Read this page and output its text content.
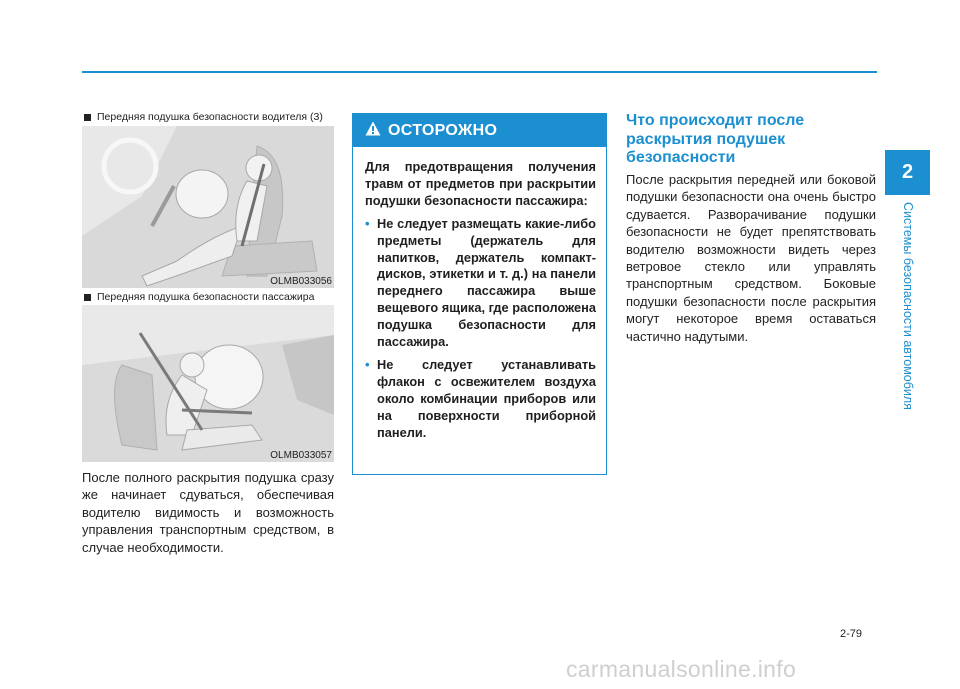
Передняя подушка безопасности водителя (3)
OLMB033056
Передняя подушка безопасности пассажира
OLMB033057
После полного раскрытия подушка сразу же начинает сдуваться, обеспечивая водителю видимость и возможность управления транспортным средством, в случае необходимости.
ОСТОРОЖНО
Для предотвращения получения травм от предметов при раскрытии подушки безопасности пассажира:
• Не следует размещать какие-либо предметы (держатель для напитков, держатель компакт-дисков, этикетки и т. д.) на панели переднего пассажира выше вещевого ящика, где расположена подушка безопасности для пассажира.
• Не следует устанавливать флакон с освежителем воздуха около комбинации приборов или на поверхности приборной панели.
Что происходит после раскрытия подушек безопасности
После раскрытия передней или боковой подушки безопасности она очень быстро сдувается. Разворачивание подушки безопасности не будет препятствовать водителю возможности видеть через ветровое стекло или управлять транспортным средством. Боковые подушки безопасности после раскрытия могут некоторое время оставаться частично надутыми.
2
Системы безопасности автомобиля
2-79
carmanualsonline.info
